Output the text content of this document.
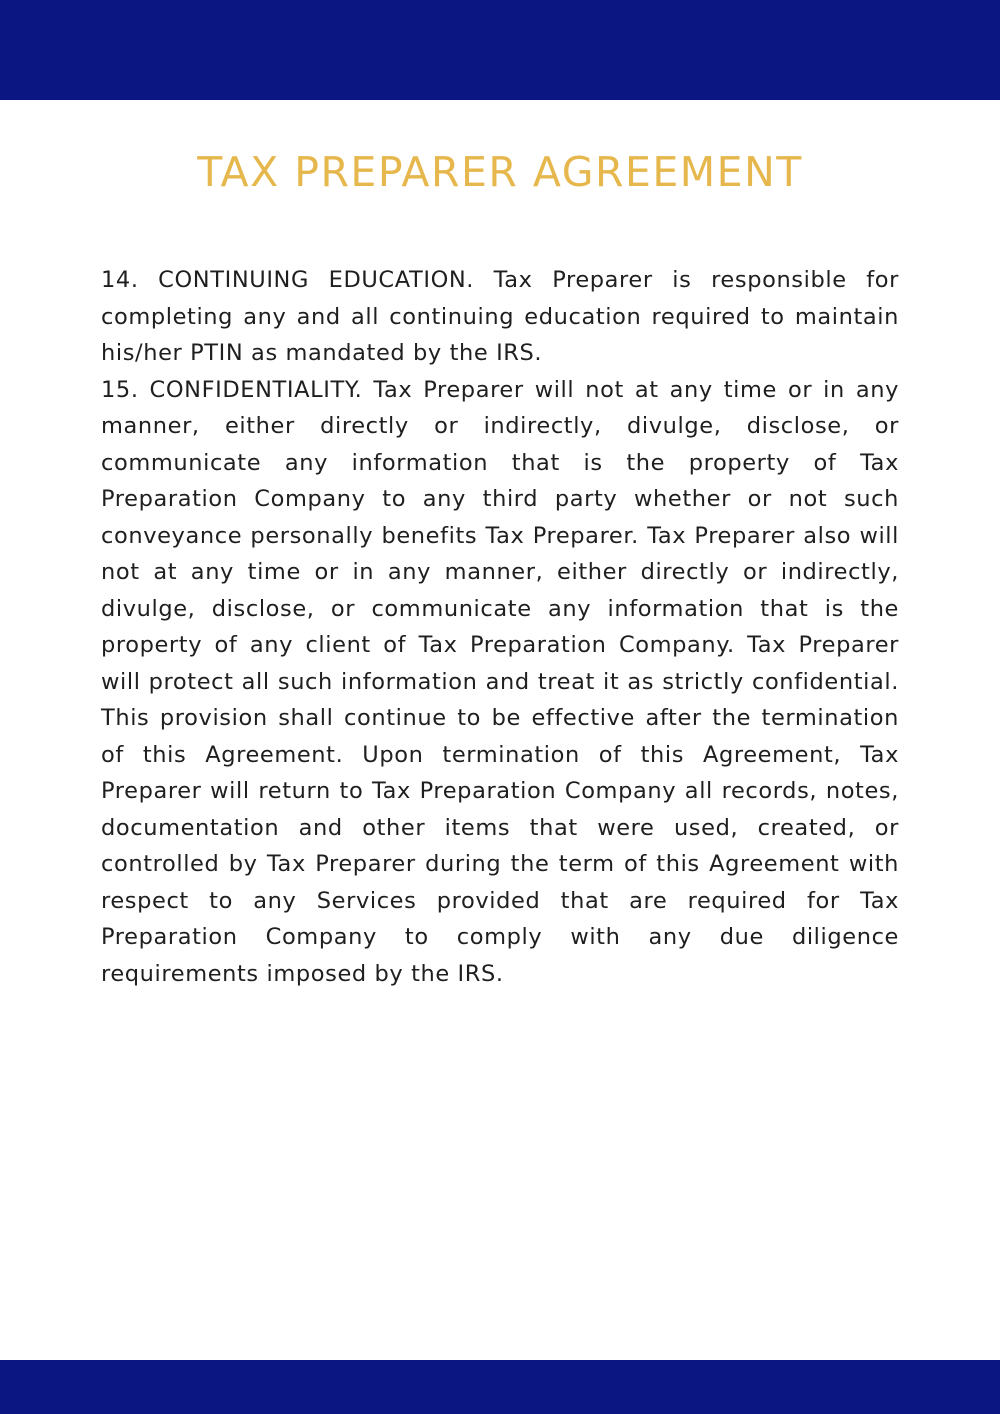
TAX PREPARER AGREEMENT

14. CONTINUING EDUCATION. Tax Preparer is responsible for completing any and all continuing education required to maintain his/her PTIN as mandated by the IRS.

15. CONFIDENTIALITY. Tax Preparer will not at any time or in any manner, either directly or indirectly, divulge, disclose, or communicate any information that is the property of Tax Preparation Company to any third party whether or not such conveyance personally benefits Tax Preparer. Tax Preparer also will not at any time or in any manner, either directly or indirectly, divulge, disclose, or communicate any information that is the property of any client of Tax Preparation Company. Tax Preparer will protect all such information and treat it as strictly confidential. This provision shall continue to be effective after the termination of this Agreement. Upon termination of this Agreement, Tax Preparer will return to Tax Preparation Company all records, notes, documentation and other items that were used, created, or controlled by Tax Preparer during the term of this Agreement with respect to any Services provided that are required for Tax Preparation Company to comply with any due diligence requirements imposed by the IRS.
